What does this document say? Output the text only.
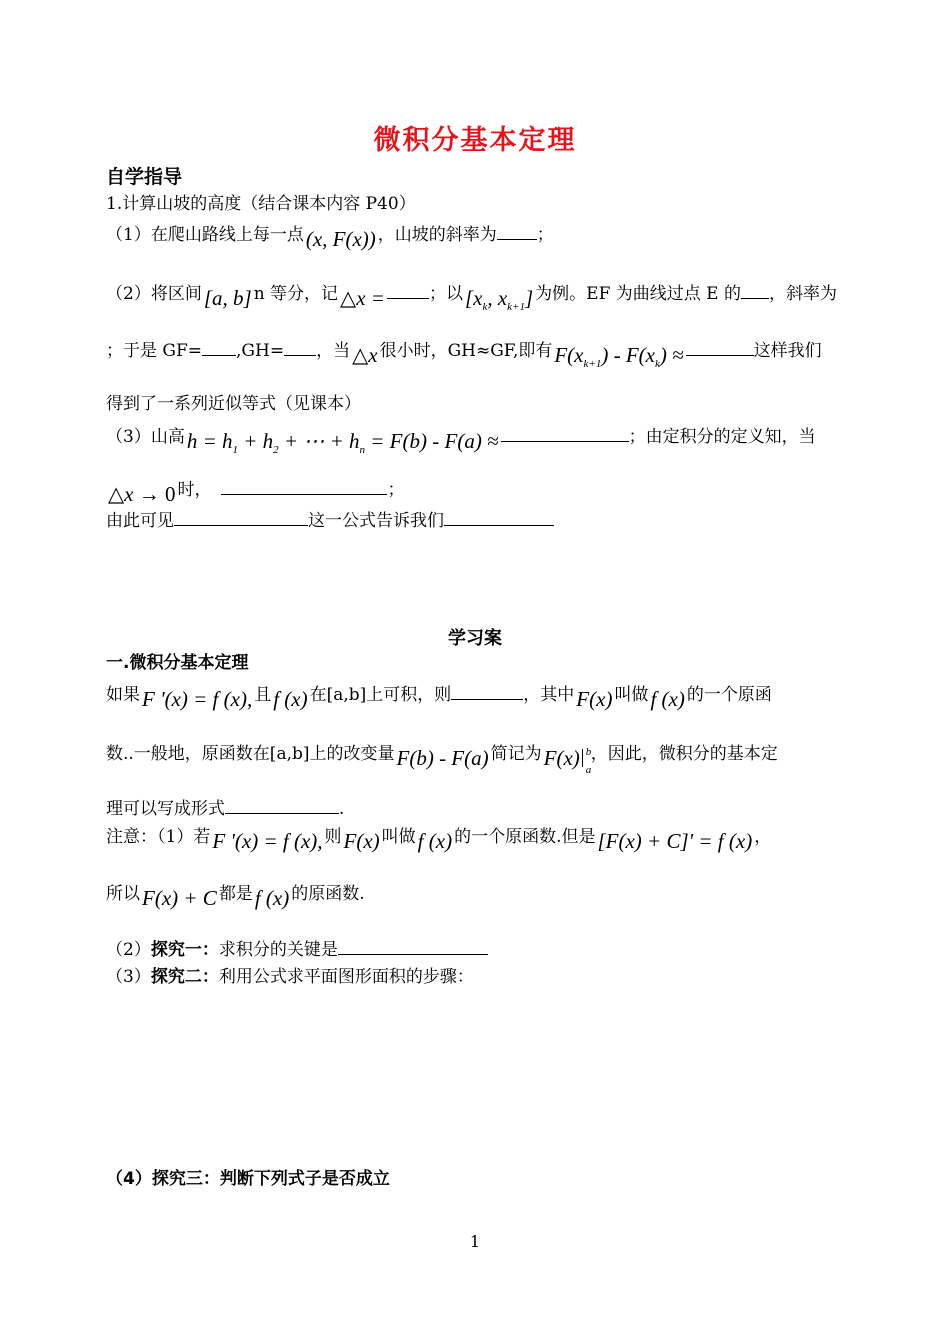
微积分基本定理
自学指导
1.计算山坡的高度（结合课本内容 P40）
（1）在爬山路线上每一点(x, F(x)) ，山坡的斜率为 ；
（2）将区间[a, b] n 等分，记△x =	；以[$x_k$, $x_{k+1}$] 为例。EF 为曲线过点 E 的 ，斜率为
；于是 GF= ,GH= ，当△x 很小时，GH≈GF,即有$F(x_{k+1}) - F(x_k)$ ≈	这样我们
得到了一系列近似等式（见课本）
（3）山高$h = h_1 + h_2$ + ⋯ + $h_n = F(b) - F(a)$ ≈	；由定积分的定义知，当
△x → 0 时，	；
由此可见	这一公式告诉我们
学习案
一.微积分基本定理
如果F '(x) = f (x), 且f (x) 在[a,b]上可积，则	，其中F(x) 叫做f (x) 的一个原函
数..一般地，原函数在[a,b]上的改变量F(b) - F(a) 简记为F(x) b
a
，因此，微积分的基本定
理可以写成形式	.
注意：（1）若F '(x) = f (x), 则F(x) 叫做f (x) 的一个原函数.但是[F(x) + C]' = f (x) ，
所以F(x) + C 都是f (x) 的原函数.
（2）探究一：求积分的关键是
（3）探究二：利用公式求平面图形面积的步骤：
（4）探究三：判断下列式子是否成立
1
